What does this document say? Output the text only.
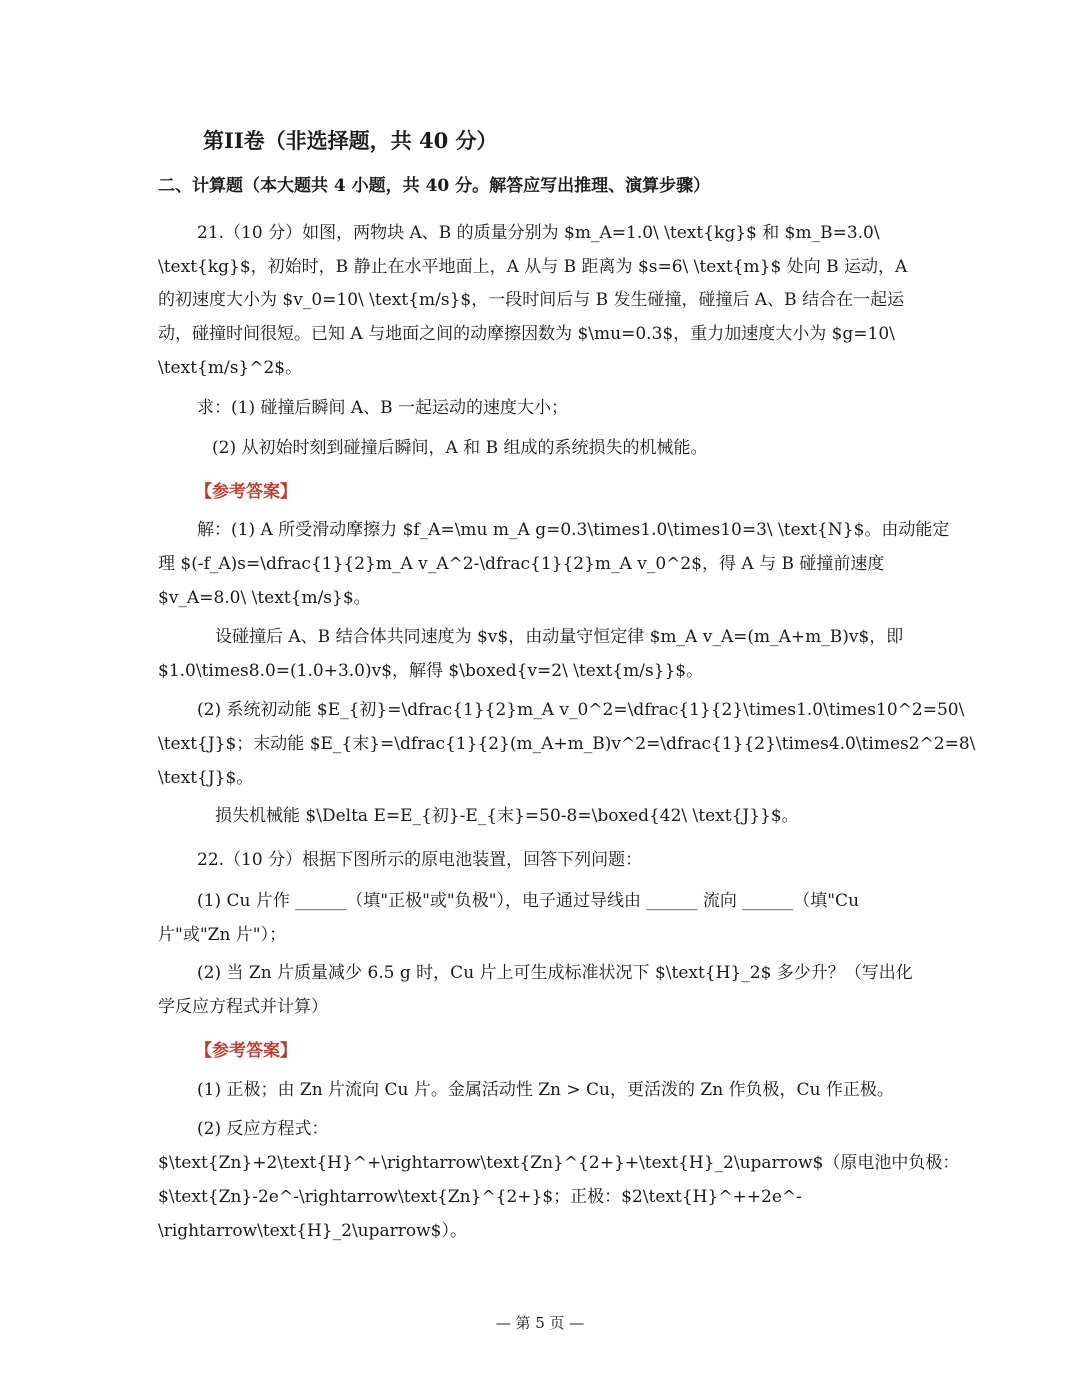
第II卷（非选择题，共 40 分）
二、计算题（本大题共 4 小题，共 40 分。解答应写出推理、演算步骤）
21.（10 分）如图，两物块 A、B 的质量分别为 $m_A=1.0\ \text{kg}$ 和 $m_B=3.0\
\text{kg}$，初始时，B 静止在水平地面上，A 从与 B 距离为 $s=6\ \text{m}$ 处向 B 运动，A
的初速度大小为 $v_0=10\ \text{m/s}$，一段时间后与 B 发生碰撞，碰撞后 A、B 结合在一起运
动，碰撞时间很短。已知 A 与地面之间的动摩擦因数为 $\mu=0.3$，重力加速度大小为 $g=10\
\text{m/s}^2$。
求：(1) 碰撞后瞬间 A、B 一起运动的速度大小；
(2) 从初始时刻到碰撞后瞬间，A 和 B 组成的系统损失的机械能。
【参考答案】
解：(1) A 所受滑动摩擦力 $f_A=\mu m_A g=0.3\times1.0\times10=3\ \text{N}$。由动能定
理 $(-f_A)s=\dfrac{1}{2}m_A v_A^2-\dfrac{1}{2}m_A v_0^2$，得 A 与 B 碰撞前速度
$v_A=8.0\ \text{m/s}$。
设碰撞后 A、B 结合体共同速度为 $v$，由动量守恒定律 $m_A v_A=(m_A+m_B)v$，即
$1.0\times8.0=(1.0+3.0)v$，解得 $\boxed{v=2\ \text{m/s}}$。
(2) 系统初动能 $E_{初}=\dfrac{1}{2}m_A v_0^2=\dfrac{1}{2}\times1.0\times10^2=50\
\text{J}$；末动能 $E_{末}=\dfrac{1}{2}(m_A+m_B)v^2=\dfrac{1}{2}\times4.0\times2^2=8\
\text{J}$。
损失机械能 $\Delta E=E_{初}-E_{末}=50-8=\boxed{42\ \text{J}}$。
22.（10 分）根据下图所示的原电池装置，回答下列问题：
(1) Cu 片作 ______（填"正极"或"负极"），电子通过导线由 ______ 流向 ______（填"Cu
片"或"Zn 片"）；
(2) 当 Zn 片质量减少 6.5 g 时，Cu 片上可生成标准状况下 $\text{H}_2$ 多少升？（写出化
学反应方程式并计算）
【参考答案】
(1) 正极；由 Zn 片流向 Cu 片。金属活动性 Zn > Cu，更活泼的 Zn 作负极，Cu 作正极。
(2) 反应方程式：
$\text{Zn}+2\text{H}^+\rightarrow\text{Zn}^{2+}+\text{H}_2\uparrow$（原电池中负极：
$\text{Zn}-2e^-\rightarrow\text{Zn}^{2+}$；正极：$2\text{H}^++2e^-
\rightarrow\text{H}_2\uparrow$）。
— 第 5 页 —
